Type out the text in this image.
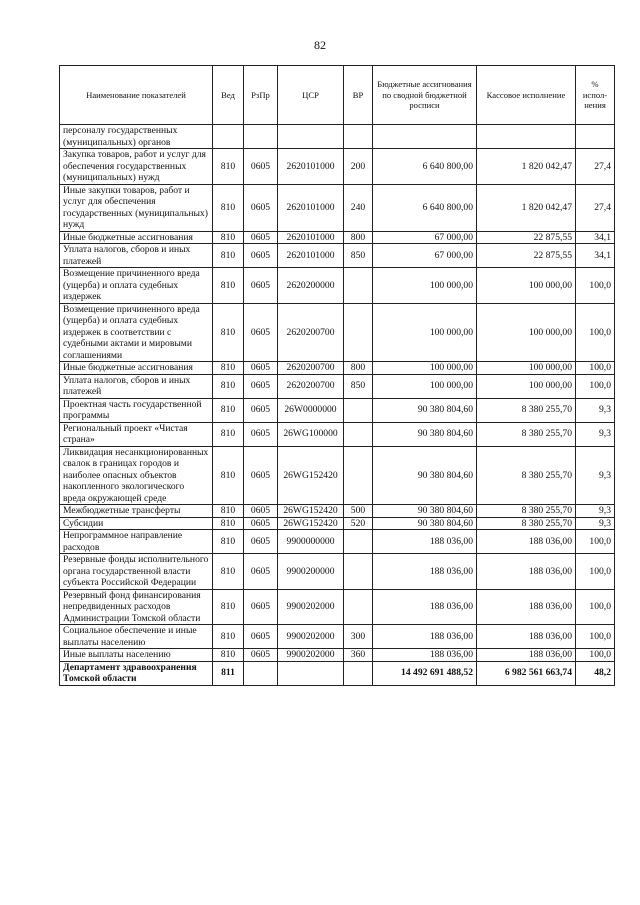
82
Наименование показателей	Вед	РзПр	ЦСР	ВР	Бюджетные ассигнования по сводной бюджетной росписи	Кассовое исполнение	% испол-нения
персоналу государственных (муниципальных) органов							
Закупка товаров, работ и услуг для обеспечения государственных (муниципальных) нужд	810	0605	2620101000	200	6 640 800,00	1 820 042,47	27,4
Иные закупки товаров, работ и услуг для обеспечения государственных (муниципальных) нужд	810	0605	2620101000	240	6 640 800,00	1 820 042,47	27,4
Иные бюджетные ассигнования	810	0605	2620101000	800	67 000,00	22 875,55	34,1
Уплата налогов, сборов и иных платежей	810	0605	2620101000	850	67 000,00	22 875,55	34,1
Возмещение причиненного вреда (ущерба) и оплата судебных издержек	810	0605	2620200000		100 000,00	100 000,00	100,0
Возмещение причиненного вреда (ущерба) и оплата судебных издержек в соответствии с судебными актами и мировыми соглашениями	810	0605	2620200700		100 000,00	100 000,00	100,0
Иные бюджетные ассигнования	810	0605	2620200700	800	100 000,00	100 000,00	100,0
Уплата налогов, сборов и иных платежей	810	0605	2620200700	850	100 000,00	100 000,00	100,0
Проектная часть государственной программы	810	0605	26W0000000		90 380 804,60	8 380 255,70	9,3
Региональный проект «Чистая страна»	810	0605	26WG100000		90 380 804,60	8 380 255,70	9,3
Ликвидация несанкционированных свалок в границах городов и наиболее опасных объектов накопленного экологического вреда окружающей среде	810	0605	26WG152420		90 380 804,60	8 380 255,70	9,3
Межбюджетные трансферты	810	0605	26WG152420	500	90 380 804,60	8 380 255,70	9,3
Субсидии	810	0605	26WG152420	520	90 380 804,60	8 380 255,70	9,3
Непрограммное направление расходов	810	0605	9900000000		188 036,00	188 036,00	100,0
Резервные фонды исполнительного органа государственной власти субъекта Российской Федерации	810	0605	9900200000		188 036,00	188 036,00	100,0
Резервный фонд финансирования непредвиденных расходов Администрации Томской области	810	0605	9900202000		188 036,00	188 036,00	100,0
Социальное обеспечение и иные выплаты населению	810	0605	9900202000	300	188 036,00	188 036,00	100,0
Иные выплаты населению	810	0605	9900202000	360	188 036,00	188 036,00	100,0
Департамент здравоохранения Томской области	811				14 492 691 488,52	6 982 561 663,74	48,2
